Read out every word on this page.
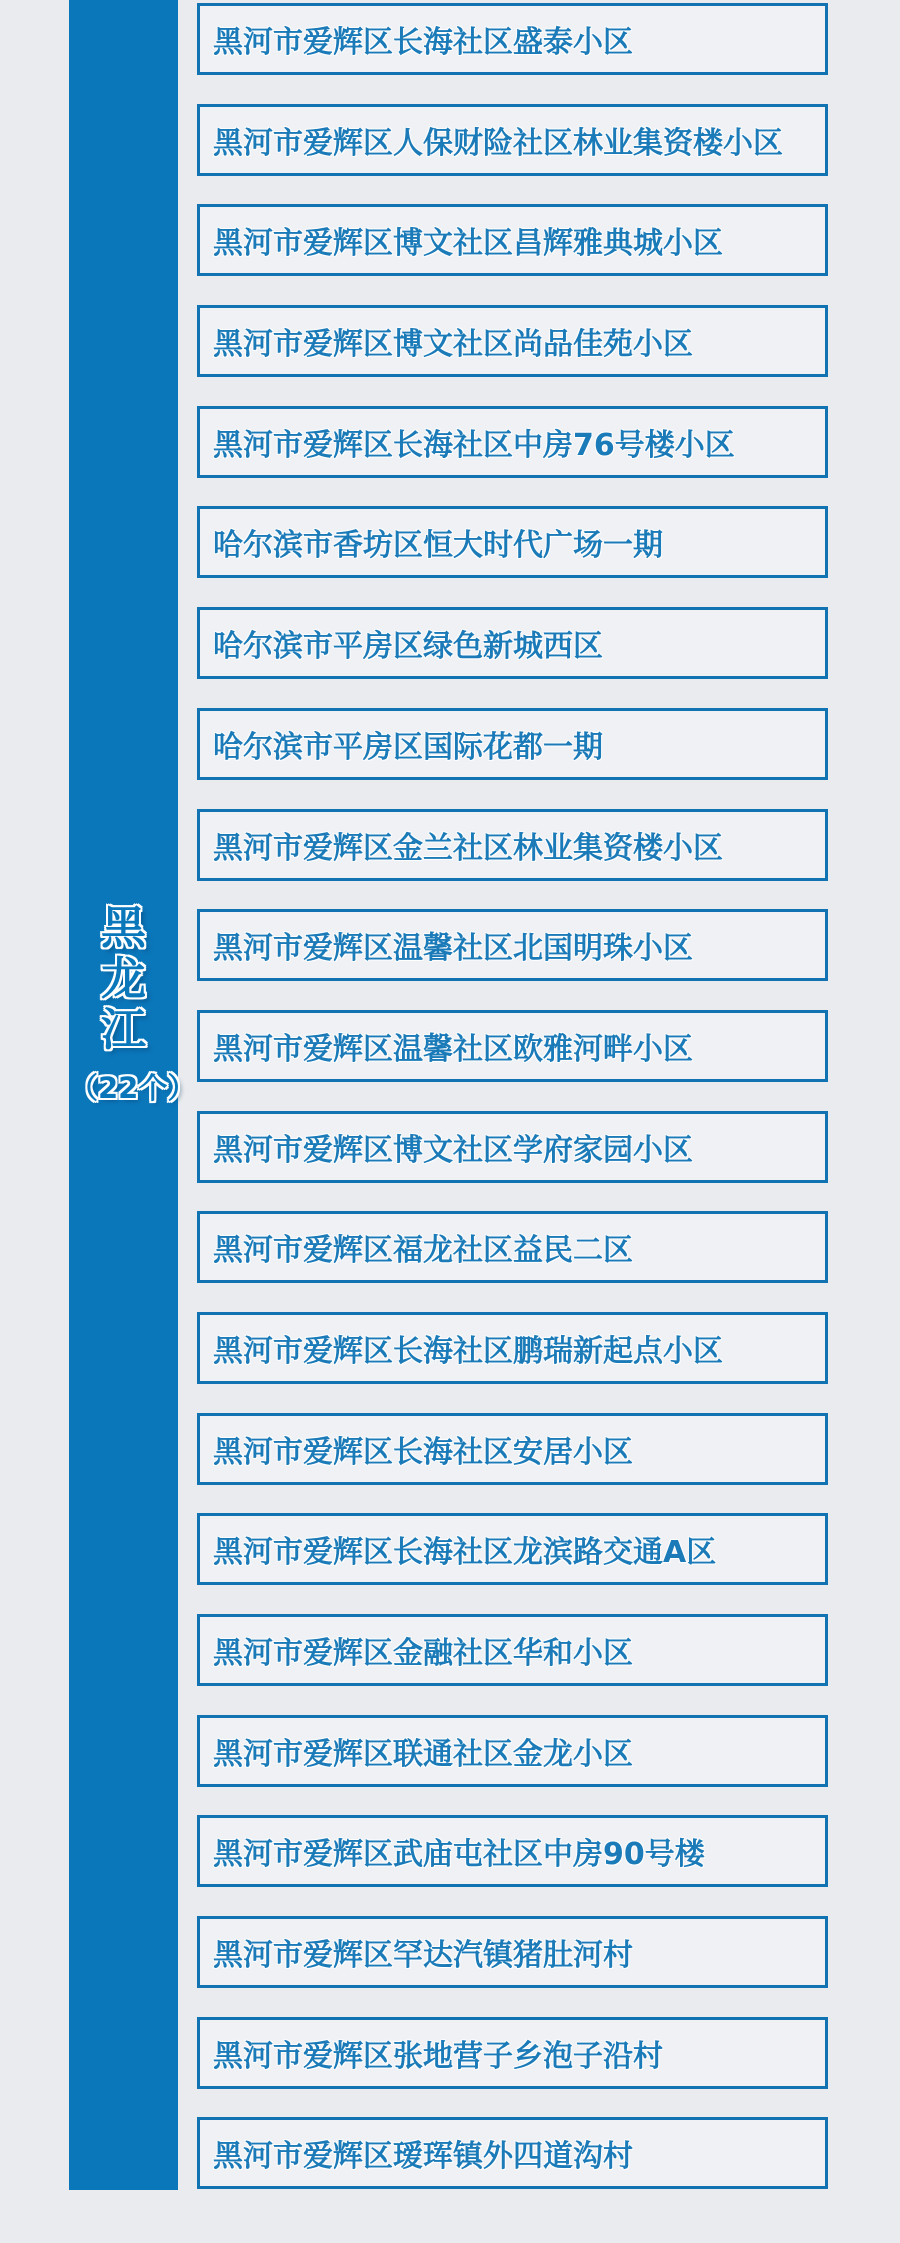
黑
龙
江
（22个）
黑河市爱辉区长海社区盛泰小区
黑河市爱辉区人保财险社区林业集资楼小区
黑河市爱辉区博文社区昌辉雅典城小区
黑河市爱辉区博文社区尚品佳苑小区
黑河市爱辉区长海社区中房76号楼小区
哈尔滨市香坊区恒大时代广场一期
哈尔滨市平房区绿色新城西区
哈尔滨市平房区国际花都一期
黑河市爱辉区金兰社区林业集资楼小区
黑河市爱辉区温馨社区北国明珠小区
黑河市爱辉区温馨社区欧雅河畔小区
黑河市爱辉区博文社区学府家园小区
黑河市爱辉区福龙社区益民二区
黑河市爱辉区长海社区鹏瑞新起点小区
黑河市爱辉区长海社区安居小区
黑河市爱辉区长海社区龙滨路交通A区
黑河市爱辉区金融社区华和小区
黑河市爱辉区联通社区金龙小区
黑河市爱辉区武庙屯社区中房90号楼
黑河市爱辉区罕达汽镇猪肚河村
黑河市爱辉区张地营子乡泡子沿村
黑河市爱辉区瑷珲镇外四道沟村
